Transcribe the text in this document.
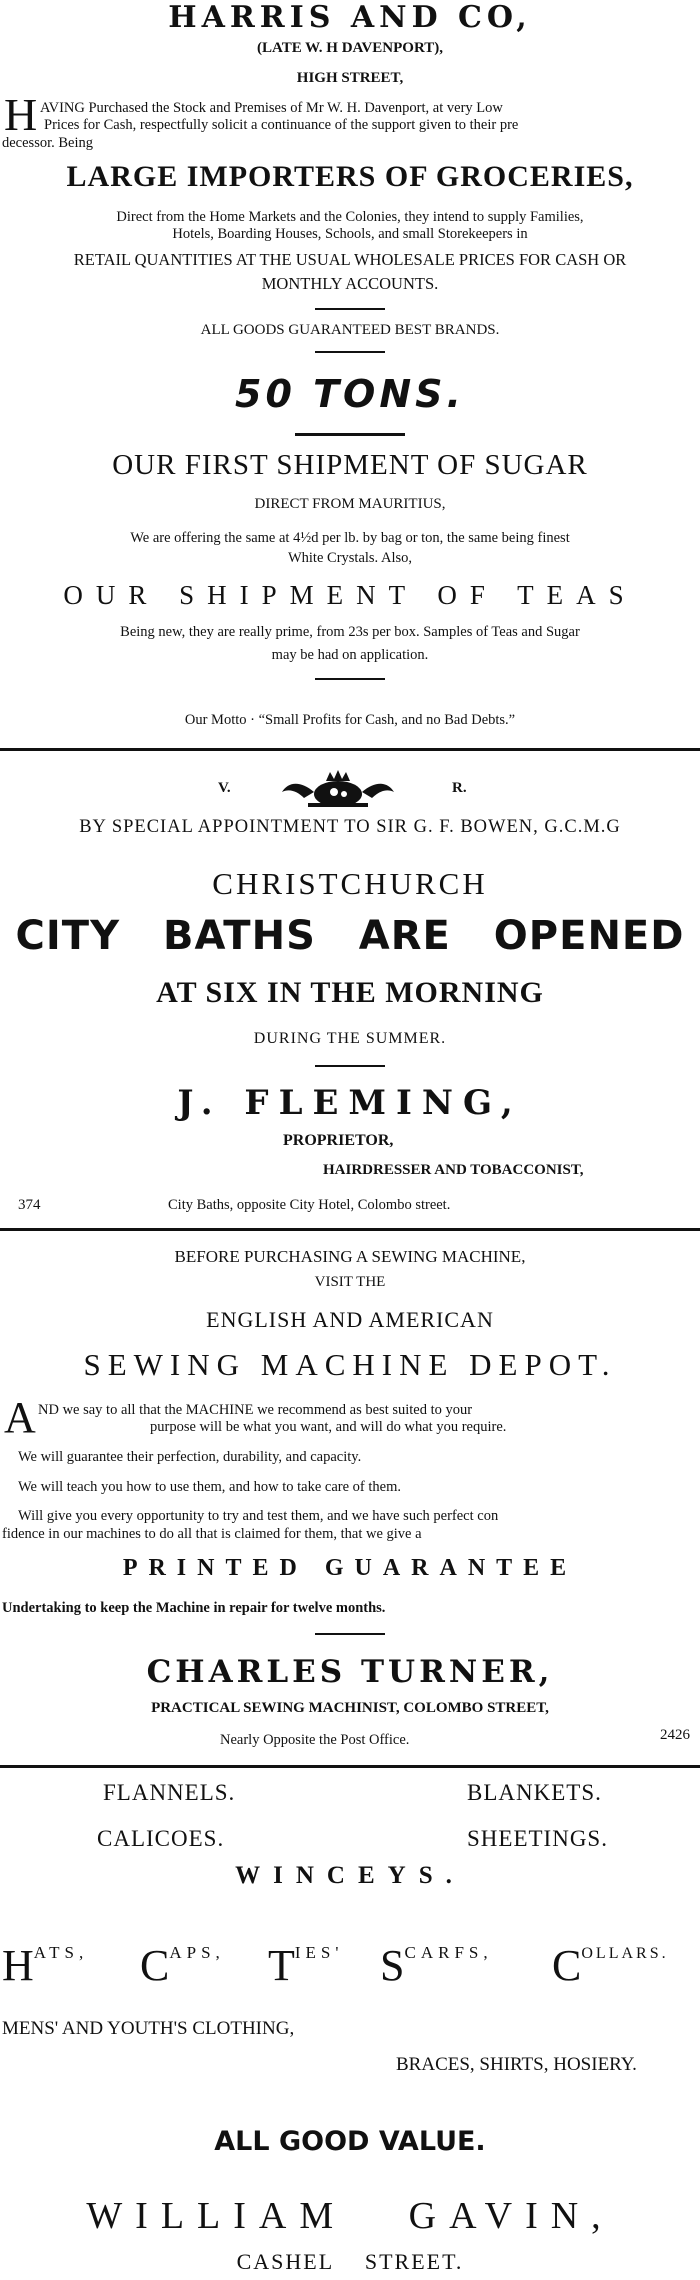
HARRIS AND CO,
(LATE W. H DAVENPORT),
HIGH STREET,
H AVING Purchased the Stock and Premises of Mr W. H. Davenport, at very Low
Prices for Cash, respectfully solicit a continuance of the support given to their pre
decessor. Being
LARGE IMPORTERS OF GROCERIES,
Direct from the Home Markets and the Colonies, they intend to supply Families,
Hotels, Boarding Houses, Schools, and small Storekeepers in
RETAIL QUANTITIES AT THE USUAL WHOLESALE PRICES FOR CASH OR
MONTHLY ACCOUNTS.
ALL GOODS GUARANTEED BEST BRANDS.
50 TONS.
OUR FIRST SHIPMENT OF SUGAR
DIRECT FROM MAURITIUS,
We are offering the same at 4½d per lb. by bag or ton, the same being finest
White Crystals. Also,
OUR SHIPMENT OF TEAS
Being new, they are really prime, from 23s per box. Samples of Teas and Sugar
may be had on application.
Our Motto · “Small Profits for Cash, and no Bad Debts.”
V.	R.
BY SPECIAL APPOINTMENT TO SIR G. F. BOWEN, G.C.M.G
CHRISTCHURCH
CITY BATHS ARE OPENED
AT SIX IN THE MORNING
DURING THE SUMMER.
J. FLEMING,
PROPRIETOR,
HAIRDRESSER AND TOBACCONIST,
374	City Baths, opposite City Hotel, Colombo street.
BEFORE PURCHASING A SEWING MACHINE,
VISIT THE
ENGLISH AND AMERICAN
SEWING MACHINE DEPOT.
A ND we say to all that the MACHINE we recommend as best suited to your
purpose will be what you want, and will do what you require.
We will guarantee their perfection, durability, and capacity.
We will teach you how to use them, and how to take care of them.
Will give you every opportunity to try and test them, and we have such perfect con
fidence in our machines to do all that is claimed for them, that we give a
PRINTED GUARANTEE
Undertaking to keep the Machine in repair for twelve months.
CHARLES TURNER,
PRACTICAL SEWING MACHINIST, COLOMBO STREET,
Nearly Opposite the Post Office.	2426
FLANNELS.	BLANKETS.
CALICOES.	SHEETINGS.
WINCEYS.
HATS, CAPS, TIES' SCARFS, COLLARS.
MENS' AND YOUTH'S CLOTHING,
BRACES, SHIRTS, HOSIERY.
ALL GOOD VALUE.
WILLIAM GAVIN,
CASHEL STREET.
